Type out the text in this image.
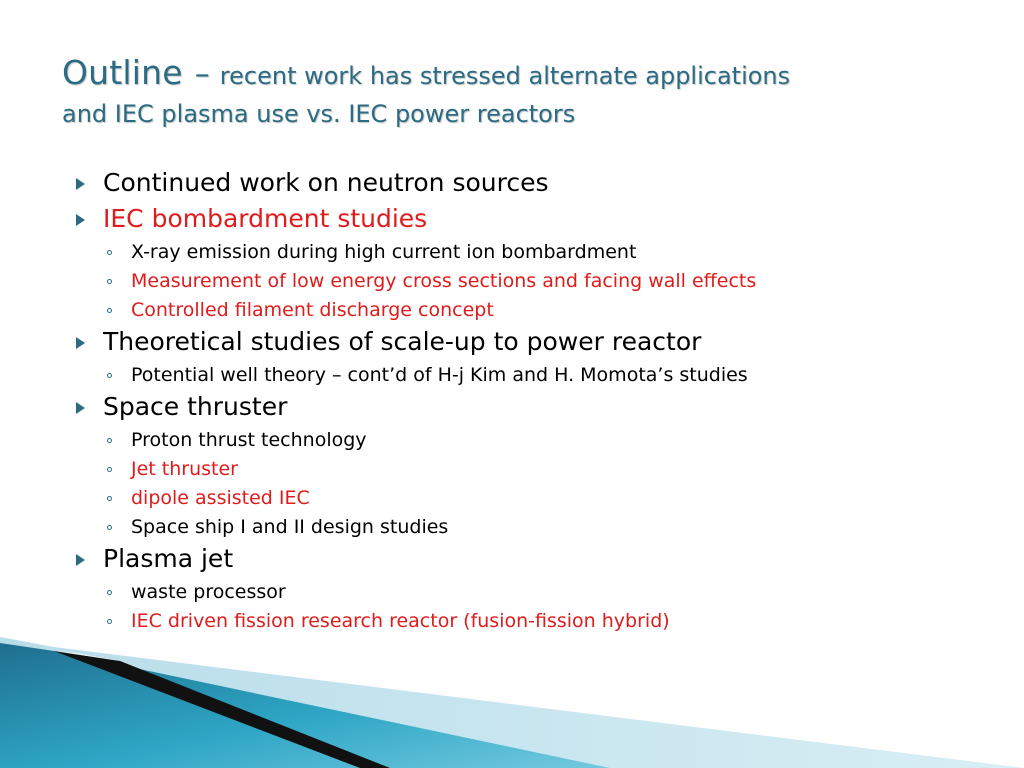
Outline – recent work has stressed alternate applications
and IEC plasma use vs. IEC power reactors
Continued work on neutron sources
IEC bombardment studies
X-ray emission during high current ion bombardment
Measurement of low energy cross sections and facing wall effects
Controlled filament discharge concept
Theoretical studies of scale-up to power reactor
Potential well theory – cont’d of H-j Kim and H. Momota’s studies
Space thruster
Proton thrust technology
Jet thruster
dipole assisted IEC
Space ship I and II design studies
Plasma jet
waste processor
IEC driven fission research reactor (fusion-fission hybrid)
